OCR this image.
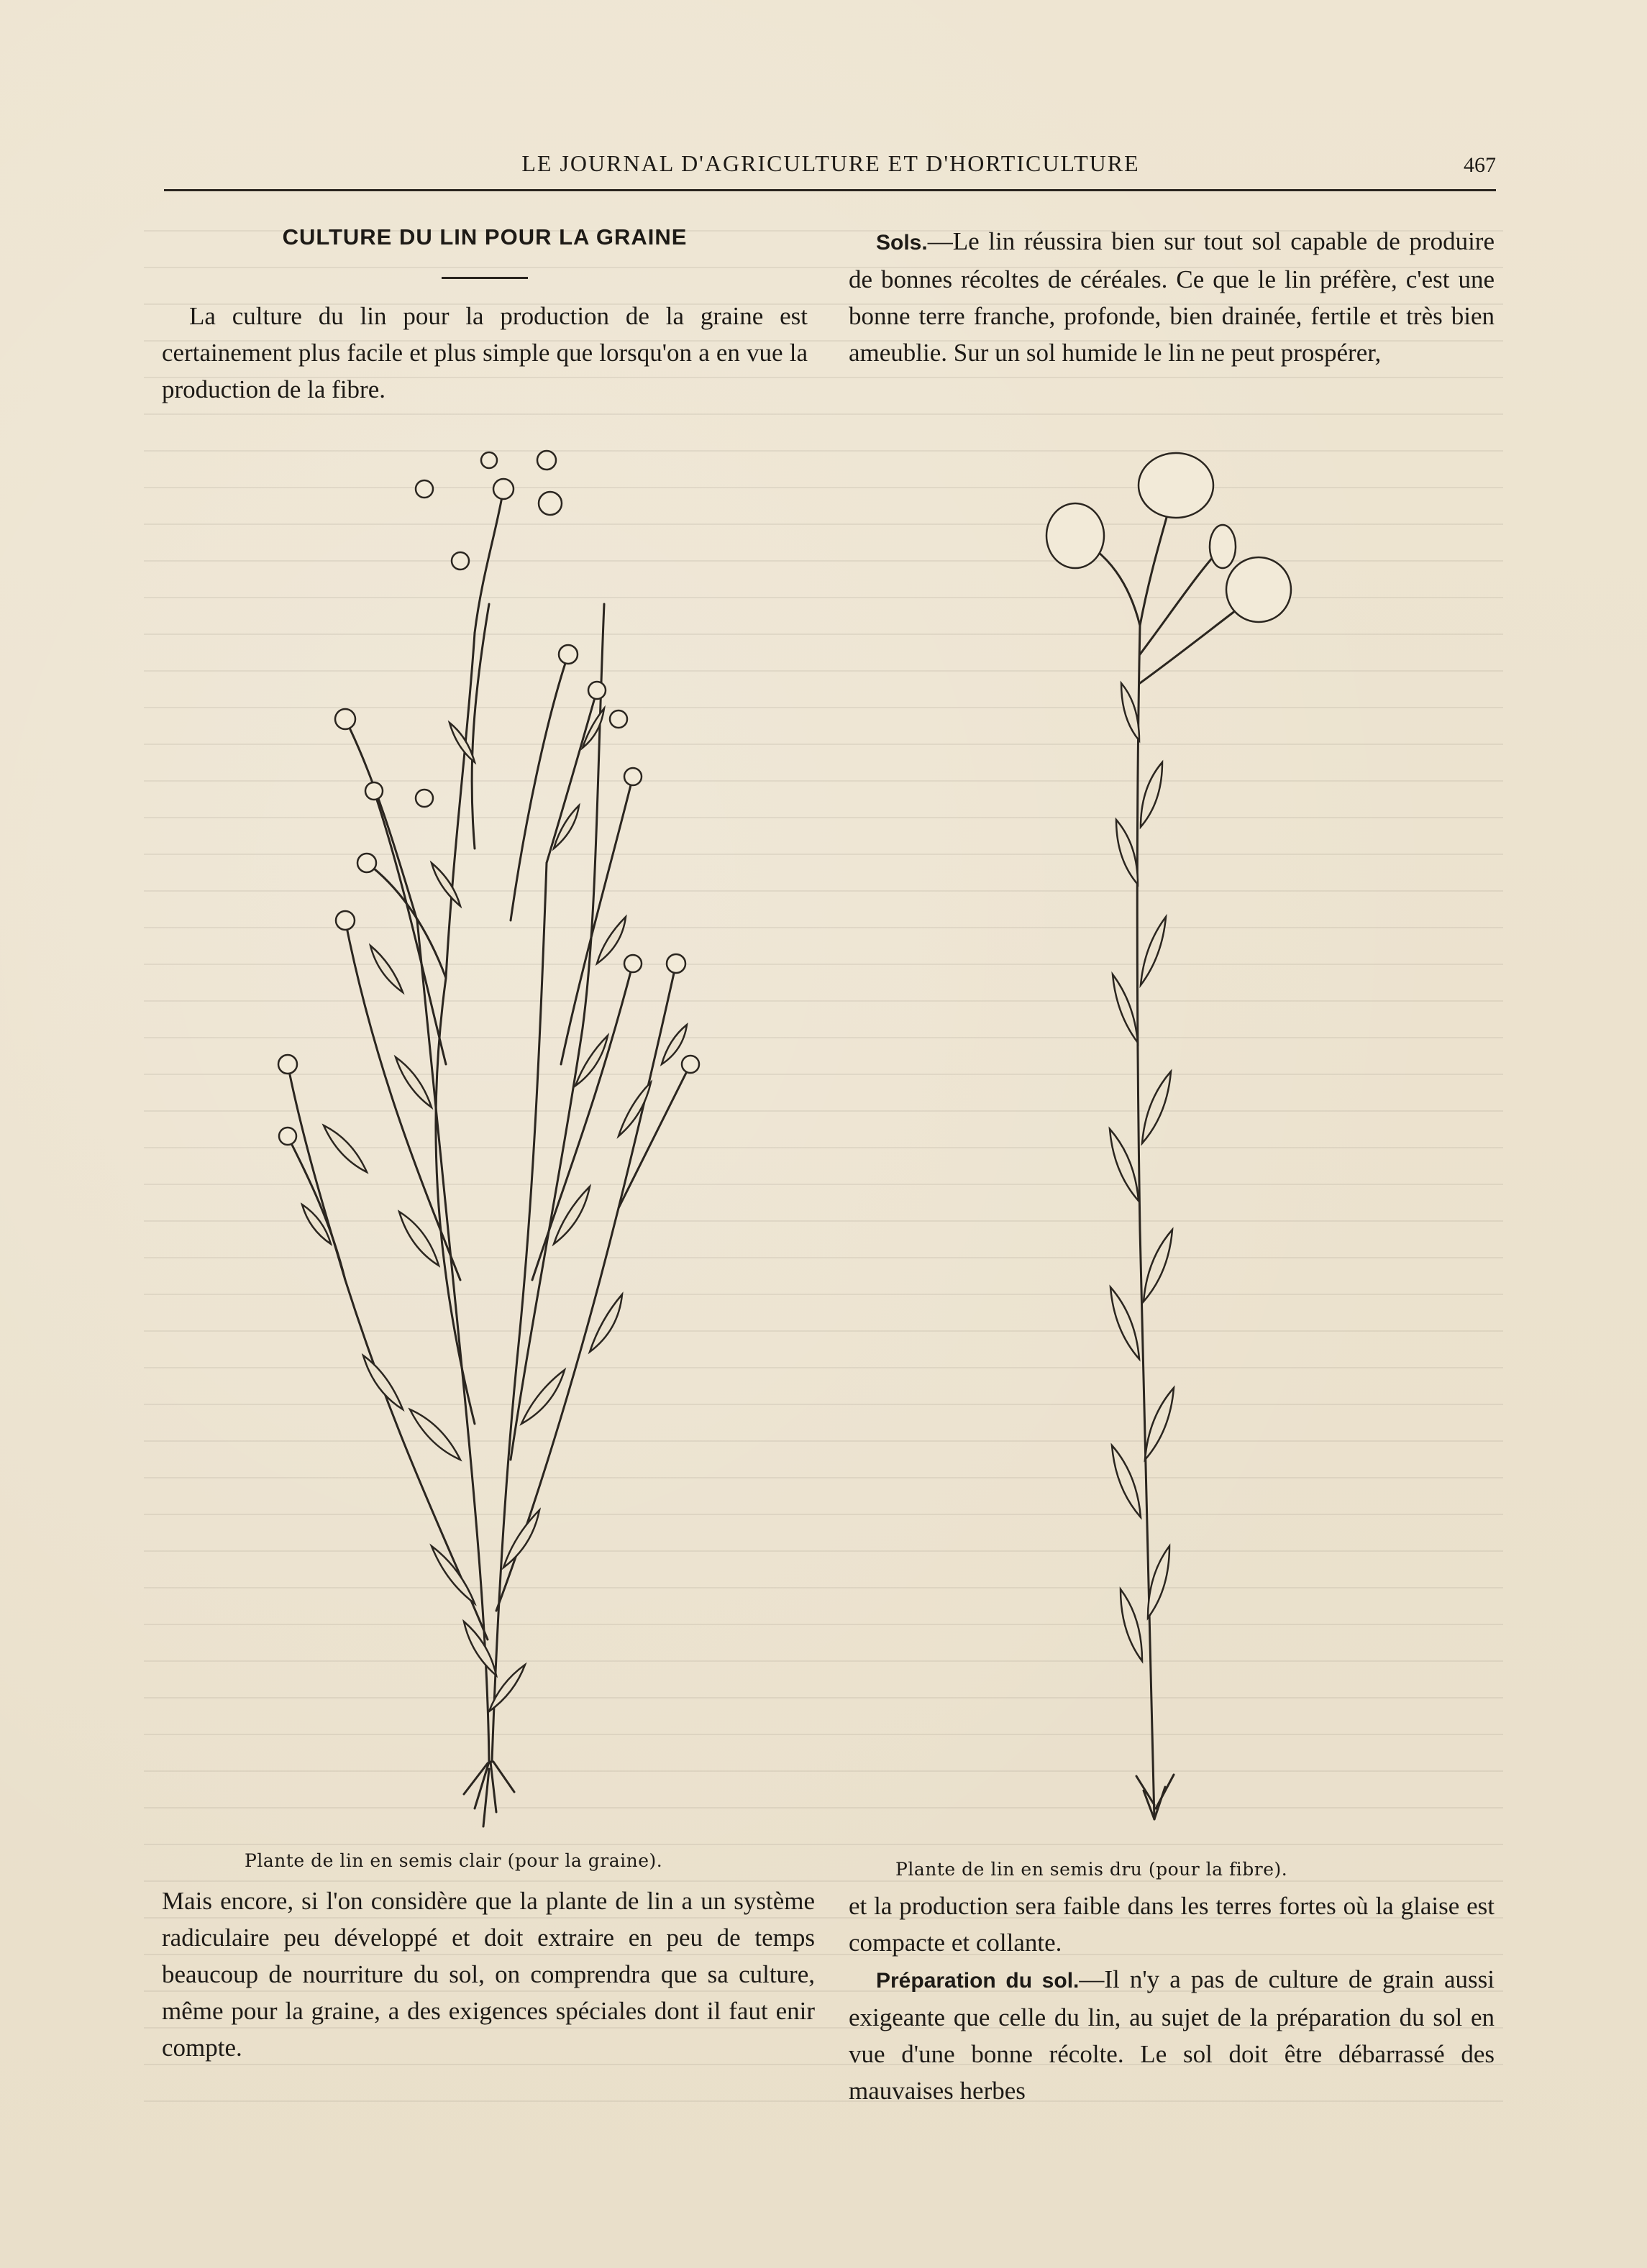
LE JOURNAL D'AGRICULTURE ET D'HORTICULTURE	467
CULTURE DU LIN POUR LA GRAINE

La culture du lin pour la production de la graine est certainement plus facile et plus simple que lorsqu'on a en vue la production de la fibre.

Sols.—Le lin réussira bien sur tout sol capable de produire de bonnes récoltes de céréales. Ce que le lin préfère, c'est une bonne terre franche, profonde, bien drainée, fertile et très bien ameublie. Sur un sol humide le lin ne peut prospérer,

Plante de lin en semis clair (pour la graine).	Plante de lin en semis dru (pour la fibre).

Mais encore, si l'on considère que la plante de lin a un système radiculaire peu développé et doit extraire en peu de temps beaucoup de nourriture du sol, on comprendra que sa culture, même pour la graine, a des exigences spéciales dont il faut enir compte.

et la production sera faible dans les terres fortes où la glaise est compacte et collante.

Préparation du sol.—Il n'y a pas de culture de grain aussi exigeante que celle du lin, au sujet de la préparation du sol en vue d'une bonne récolte. Le sol doit être débarrassé des mauvaises herbes
